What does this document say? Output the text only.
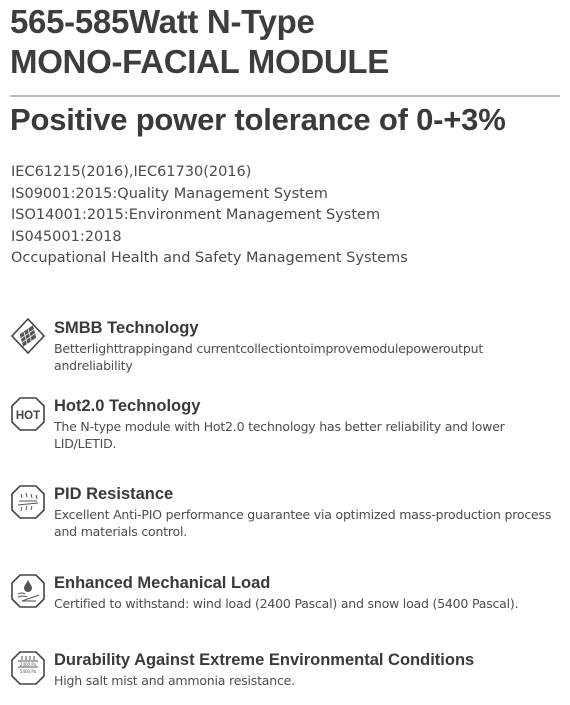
565-585Watt N-Type
MONO-FACIAL MODULE
Positive power tolerance of 0-+3%
IEC61215(2016),IEC61730(2016)
IS09001:2015:Quality Management System
ISO14001:2015:Environment Management System
IS045001:2018
Occupational Health and Safety Management Systems
SMBB Technology

Betterlighttrappingand currentcollectiontoimprovemodulepoweroutput andreliability

HOT
Hot2.0 Technology

The N-type module with Hot2.0 technology has better reliability and lower LID/LETID.

PID Resistance

Excellent Anti-PIO performance guarantee via optimized mass-production process and materials control.

Enhanced Mechanical Load

Certified to withstand: wind load (2400 Pascal) and snow load (5400 Pascal).

2400 Pa
5400 Pa
Durability Against Extreme Environmental Conditions

High salt mist and ammonia resistance.
